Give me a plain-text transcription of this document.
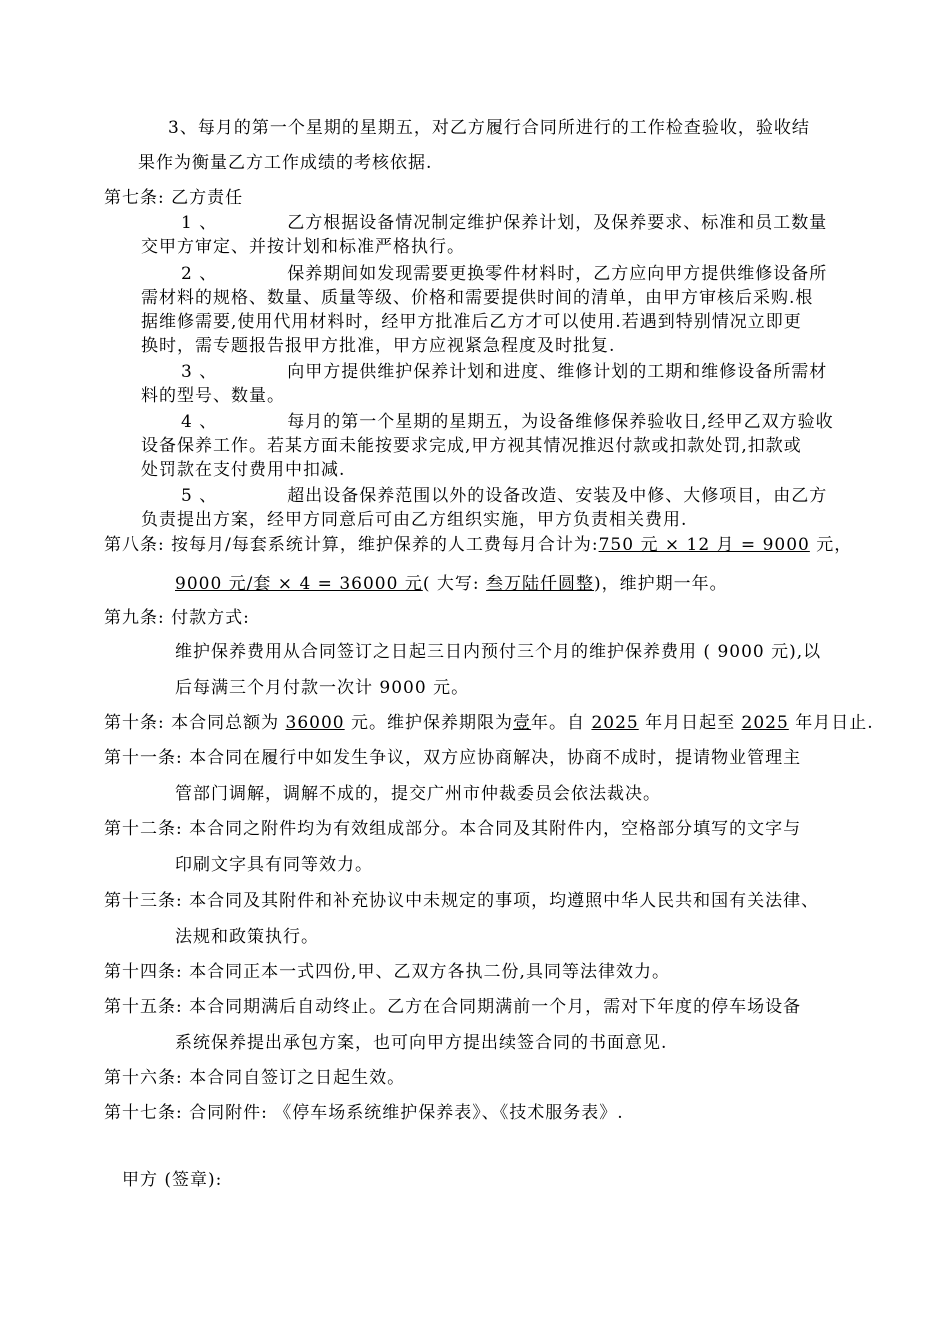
3、每月的第一个星期的星期五，对乙方履行合同所进行的工作检查验收，验收结
果作为衡量乙方工作成绩的考核依据.
第七条: 乙方责任
1 、	乙方根据设备情况制定维护保养计划，及保养要求、标准和员工数量
交甲方审定、并按计划和标准严格执行。
2 、	保养期间如发现需要更换零件材料时，乙方应向甲方提供维修设备所
需材料的规格、数量、质量等级、价格和需要提供时间的清单，由甲方审核后采购.根
据维修需要,使用代用材料时，经甲方批准后乙方才可以使用.若遇到特别情况立即更
换时，需专题报告报甲方批准，甲方应视紧急程度及时批复.
3 、	向甲方提供维护保养计划和进度、维修计划的工期和维修设备所需材
料的型号、数量。
4 、	每月的第一个星期的星期五，为设备维修保养验收日,经甲乙双方验收
设备保养工作。若某方面未能按要求完成,甲方视其情况推迟付款或扣款处罚,扣款或
处罚款在支付费用中扣减.
5 、	超出设备保养范围以外的设备改造、安装及中修、大修项目，由乙方
负责提出方案，经甲方同意后可由乙方组织实施，甲方负责相关费用.
第八条: 按每月/每套系统计算，维护保养的人工费每月合计为:750 元 × 12 月 = 9000 元，
9000 元/套 × 4 = 36000 元( 大写: 叁万陆仟圆整)，维护期一年。
第九条: 付款方式:
维护保养费用从合同签订之日起三日内预付三个月的维护保养费用 ( 9000 元),以
后每满三个月付款一次计 9000 元。
第十条: 本合同总额为 36000 元。维护保养期限为壹年。自 2025 年月日起至 2025 年月日止.
第十一条: 本合同在履行中如发生争议，双方应协商解决，协商不成时，提请物业管理主
管部门调解，调解不成的，提交广州市仲裁委员会依法裁决。
第十二条: 本合同之附件均为有效组成部分。本合同及其附件内，空格部分填写的文字与
印刷文字具有同等效力。
第十三条: 本合同及其附件和补充协议中未规定的事项，均遵照中华人民共和国有关法律、
法规和政策执行。
第十四条: 本合同正本一式四份,甲、乙双方各执二份,具同等法律效力。
第十五条: 本合同期满后自动终止。乙方在合同期满前一个月，需对下年度的停车场设备
系统保养提出承包方案，也可向甲方提出续签合同的书面意见.
第十六条: 本合同自签订之日起生效。
第十七条: 合同附件: 《停车场系统维护保养表》、《技术服务表》.
甲方 (签章):
